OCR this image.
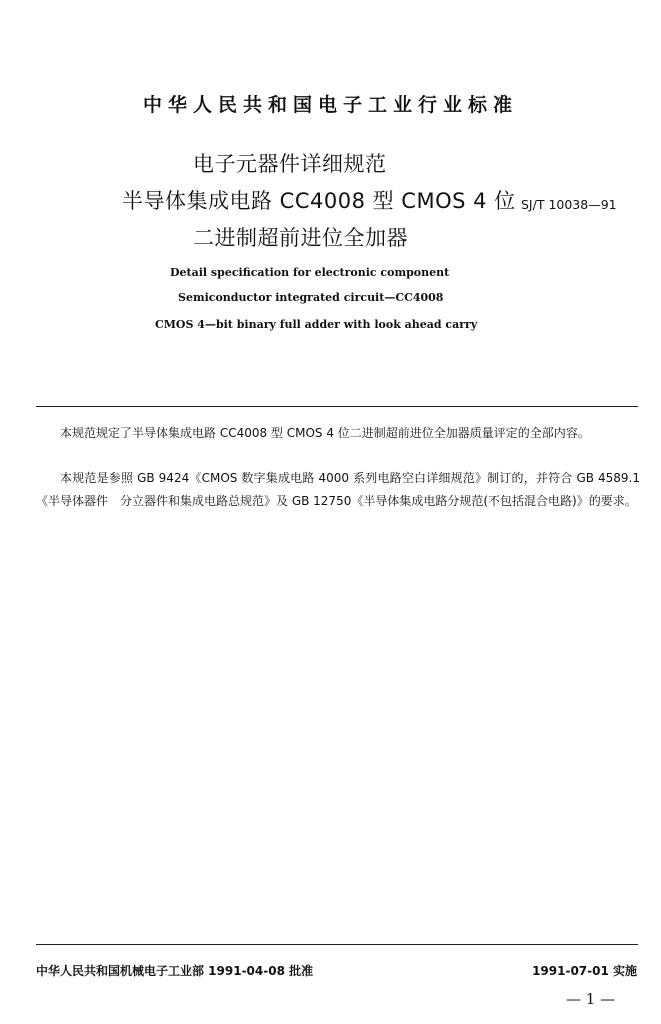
中华人民共和国电子工业行业标准
电子元器件详细规范
半导体集成电路 CC4008 型 CMOS 4 位
二进制超前进位全加器
SJ/T 10038—91
Detail specification for electronic component
Semiconductor integrated circuit—CC4008
CMOS 4—bit binary full adder with look ahead carry

本规范规定了半导体集成电路 CC4008 型 CMOS 4 位二进制超前进位全加器质量评定的全部内容。

本规范是参照 GB 9424《CMOS 数字集成电路 4000 系列电路空白详细规范》制订的，并符合 GB 4589.1《半导体器件　分立器件和集成电路总规范》及 GB 12750《半导体集成电路分规范(不包括混合电路)》的要求。

中华人民共和国机械电子工业部 1991-04-08 批准	1991-07-01 实施
— 1 —
